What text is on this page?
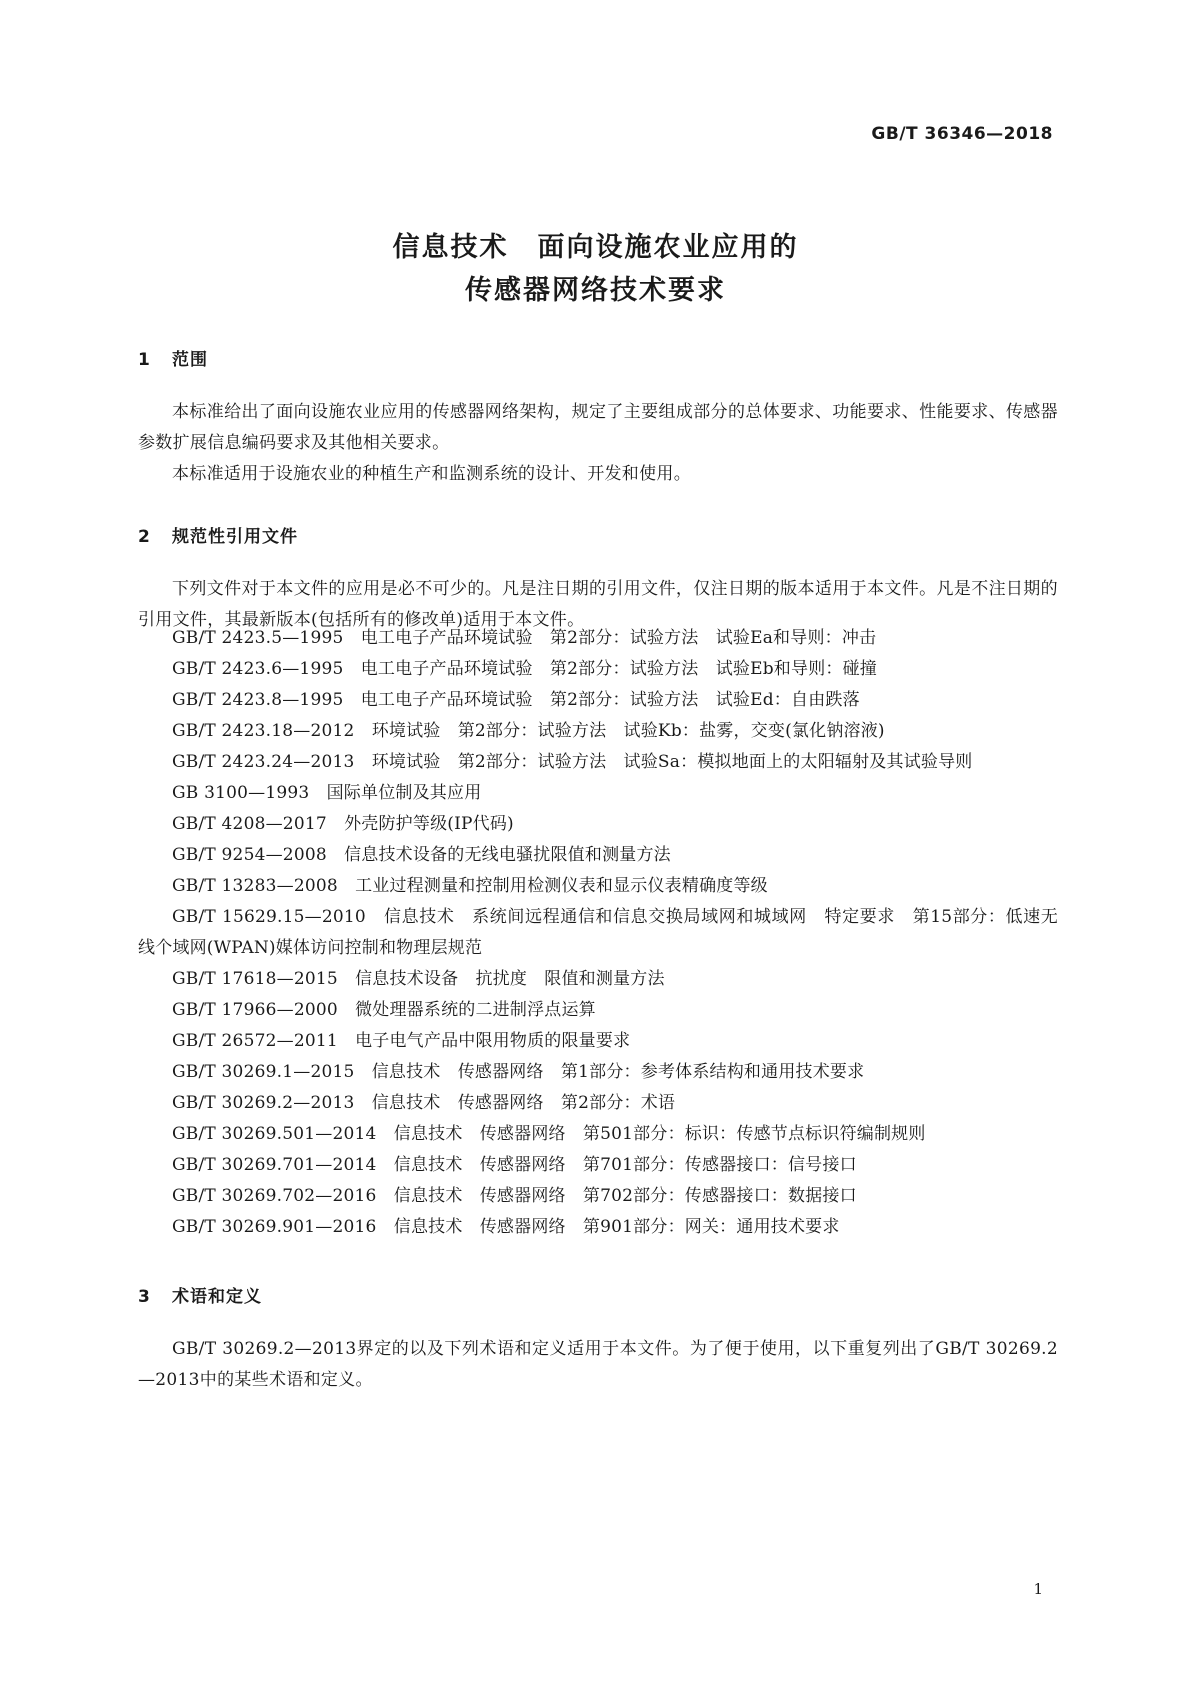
GB/T 36346—2018
信息技术　面向设施农业应用的
传感器网络技术要求
1 范围
本标准给出了面向设施农业应用的传感器网络架构，规定了主要组成部分的总体要求、功能要求、性能要求、传感器参数扩展信息编码要求及其他相关要求。
本标准适用于设施农业的种植生产和监测系统的设计、开发和使用。
2 规范性引用文件
下列文件对于本文件的应用是必不可少的。凡是注日期的引用文件，仅注日期的版本适用于本文件。凡是不注日期的引用文件，其最新版本(包括所有的修改单)适用于本文件。
GB/T 2423.5—1995　电工电子产品环境试验　第2部分：试验方法　试验Ea和导则：冲击
GB/T 2423.6—1995　电工电子产品环境试验　第2部分：试验方法　试验Eb和导则：碰撞
GB/T 2423.8—1995　电工电子产品环境试验　第2部分：试验方法　试验Ed：自由跌落
GB/T 2423.18—2012　环境试验　第2部分：试验方法　试验Kb：盐雾，交变(氯化钠溶液)
GB/T 2423.24—2013　环境试验　第2部分：试验方法　试验Sa：模拟地面上的太阳辐射及其试验导则
GB 3100—1993　国际单位制及其应用
GB/T 4208—2017　外壳防护等级(IP代码)
GB/T 9254—2008　信息技术设备的无线电骚扰限值和测量方法
GB/T 13283—2008　工业过程测量和控制用检测仪表和显示仪表精确度等级
GB/T 15629.15—2010　信息技术　系统间远程通信和信息交换局域网和城域网　特定要求　第15部分：低速无线个域网(WPAN)媒体访问控制和物理层规范
GB/T 17618—2015　信息技术设备　抗扰度　限值和测量方法
GB/T 17966—2000　微处理器系统的二进制浮点运算
GB/T 26572—2011　电子电气产品中限用物质的限量要求
GB/T 30269.1—2015　信息技术　传感器网络　第1部分：参考体系结构和通用技术要求
GB/T 30269.2—2013　信息技术　传感器网络　第2部分：术语
GB/T 30269.501—2014　信息技术　传感器网络　第501部分：标识：传感节点标识符编制规则
GB/T 30269.701—2014　信息技术　传感器网络　第701部分：传感器接口：信号接口
GB/T 30269.702—2016　信息技术　传感器网络　第702部分：传感器接口：数据接口
GB/T 30269.901—2016　信息技术　传感器网络　第901部分：网关：通用技术要求
3 术语和定义
GB/T 30269.2—2013界定的以及下列术语和定义适用于本文件。为了便于使用，以下重复列出了GB/T 30269.2—2013中的某些术语和定义。
1
